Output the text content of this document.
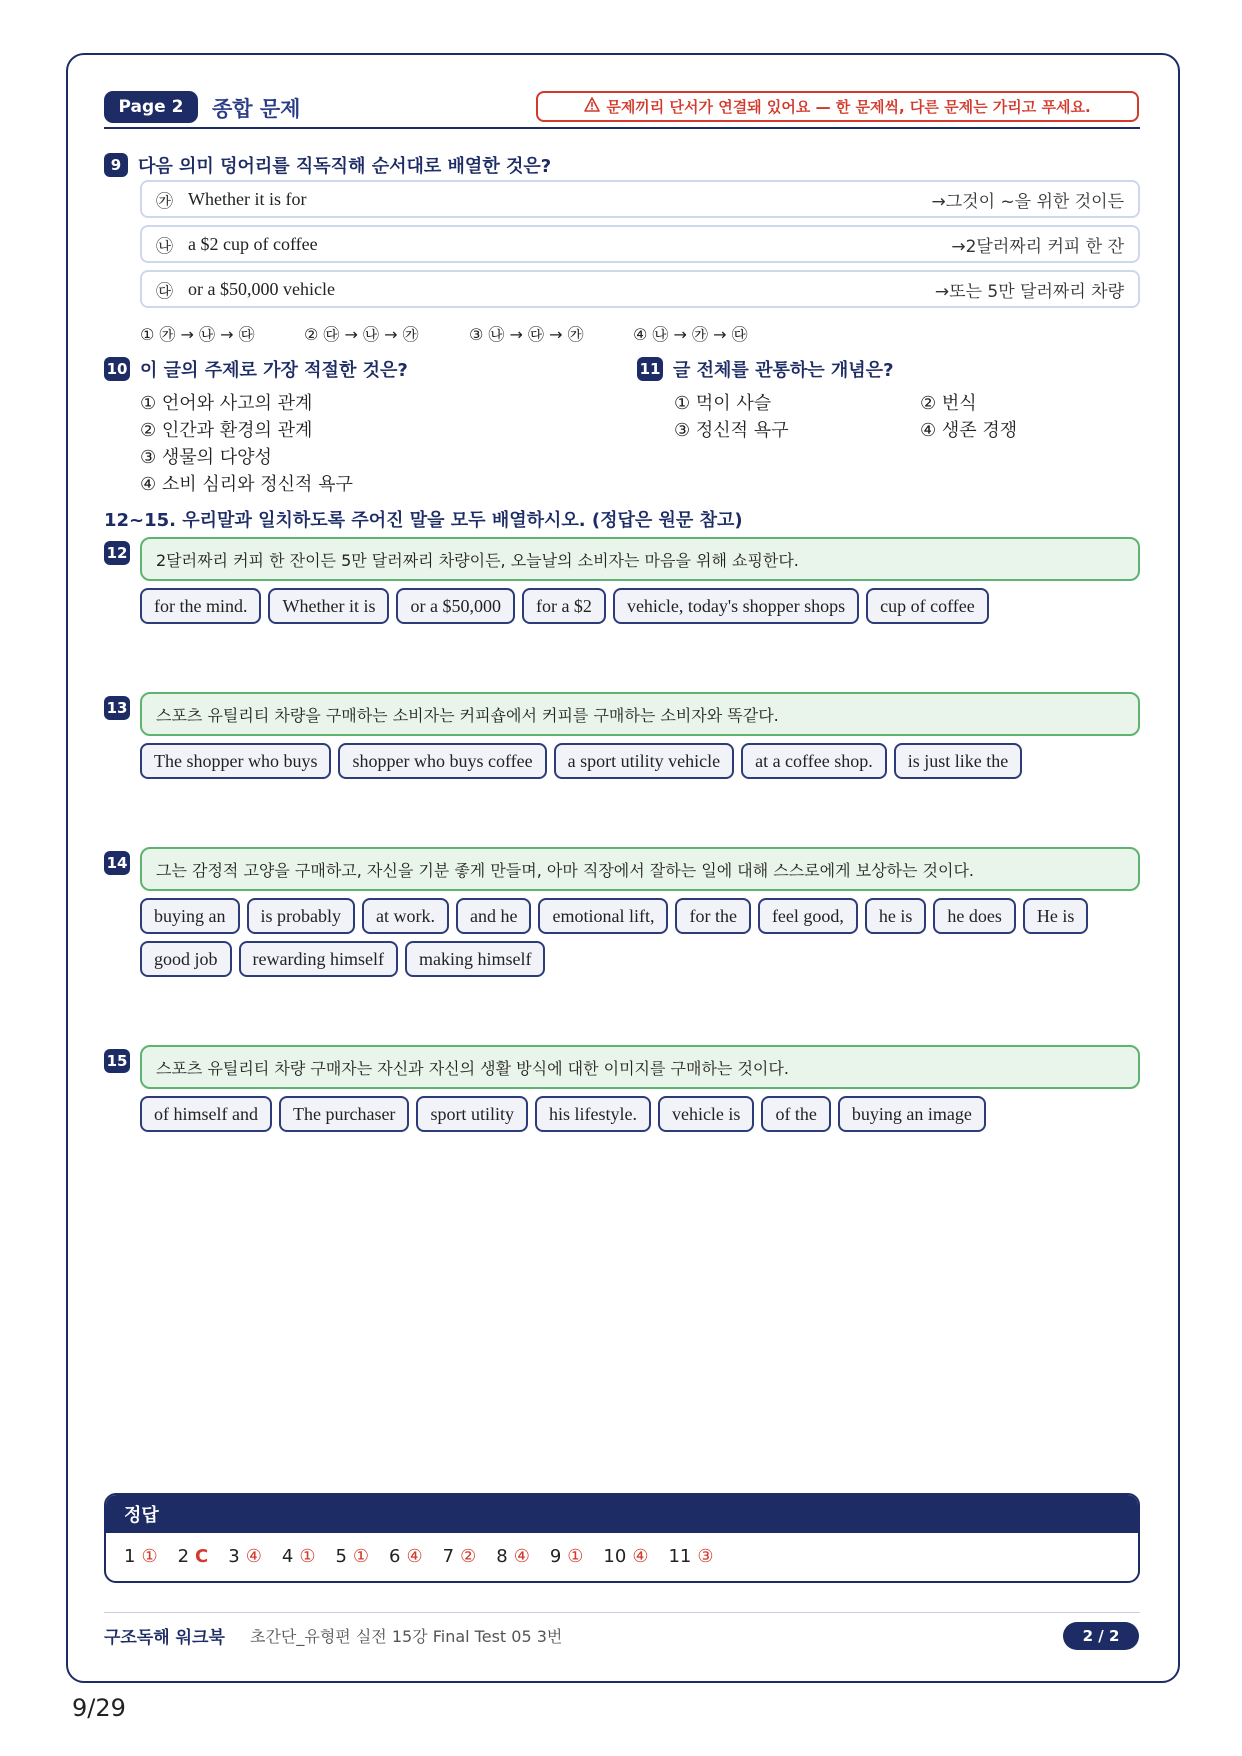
Page 2	종합 문제	문제끼리 단서가 연결돼 있어요 — 한 문제씩, 다른 문제는 가리고 푸세요.
9 다음 의미 덩어리를 직독직해 순서대로 배열한 것은?
㉮ Whether it is for	→그것이 ~을 위한 것이든
㉯ a $2 cup of coffee	→2달러짜리 커피 한 잔
㉰ or a $50,000 vehicle	→또는 5만 달러짜리 차량
① ㉮ → ㉯ → ㉰	② ㉰ → ㉯ → ㉮	③ ㉯ → ㉰ → ㉮	④ ㉯ → ㉮ → ㉰
10 이 글의 주제로 가장 적절한 것은?
① 언어와 사고의 관계
② 인간과 환경의 관계
③ 생물의 다양성
④ 소비 심리와 정신적 욕구
11 글 전체를 관통하는 개념은?
① 먹이 사슬	② 번식
③ 정신적 욕구	④ 생존 경쟁
12~15. 우리말과 일치하도록 주어진 말을 모두 배열하시오. (정답은 원문 참고)
12	2달러짜리 커피 한 잔이든 5만 달러짜리 차량이든, 오늘날의 소비자는 마음을 위해 쇼핑한다.
for the mind.	Whether it is	or a $50,000	for a $2	vehicle, today's shopper shops	cup of coffee
13	스포츠 유틸리티 차량을 구매하는 소비자는 커피숍에서 커피를 구매하는 소비자와 똑같다.
The shopper who buys	shopper who buys coffee	a sport utility vehicle	at a coffee shop.	is just like the
14	그는 감정적 고양을 구매하고, 자신을 기분 좋게 만들며, 아마 직장에서 잘하는 일에 대해 스스로에게 보상하는 것이다.
buying an	is probably	at work.	and he	emotional lift,	for the	feel good,	he is	he does	He is
good job	rewarding himself	making himself
15	스포츠 유틸리티 차량 구매자는 자신과 자신의 생활 방식에 대한 이미지를 구매하는 것이다.
of himself and	The purchaser	sport utility	his lifestyle.	vehicle is	of the	buying an image
정답
1 ① 2 C 3 ④ 4 ① 5 ① 6 ④ 7 ② 8 ④ 9 ① 10 ④ 11 ③
구조독해 워크북 초간단_유형편 실전 15강 Final Test 05 3번	2 / 2
9/29
